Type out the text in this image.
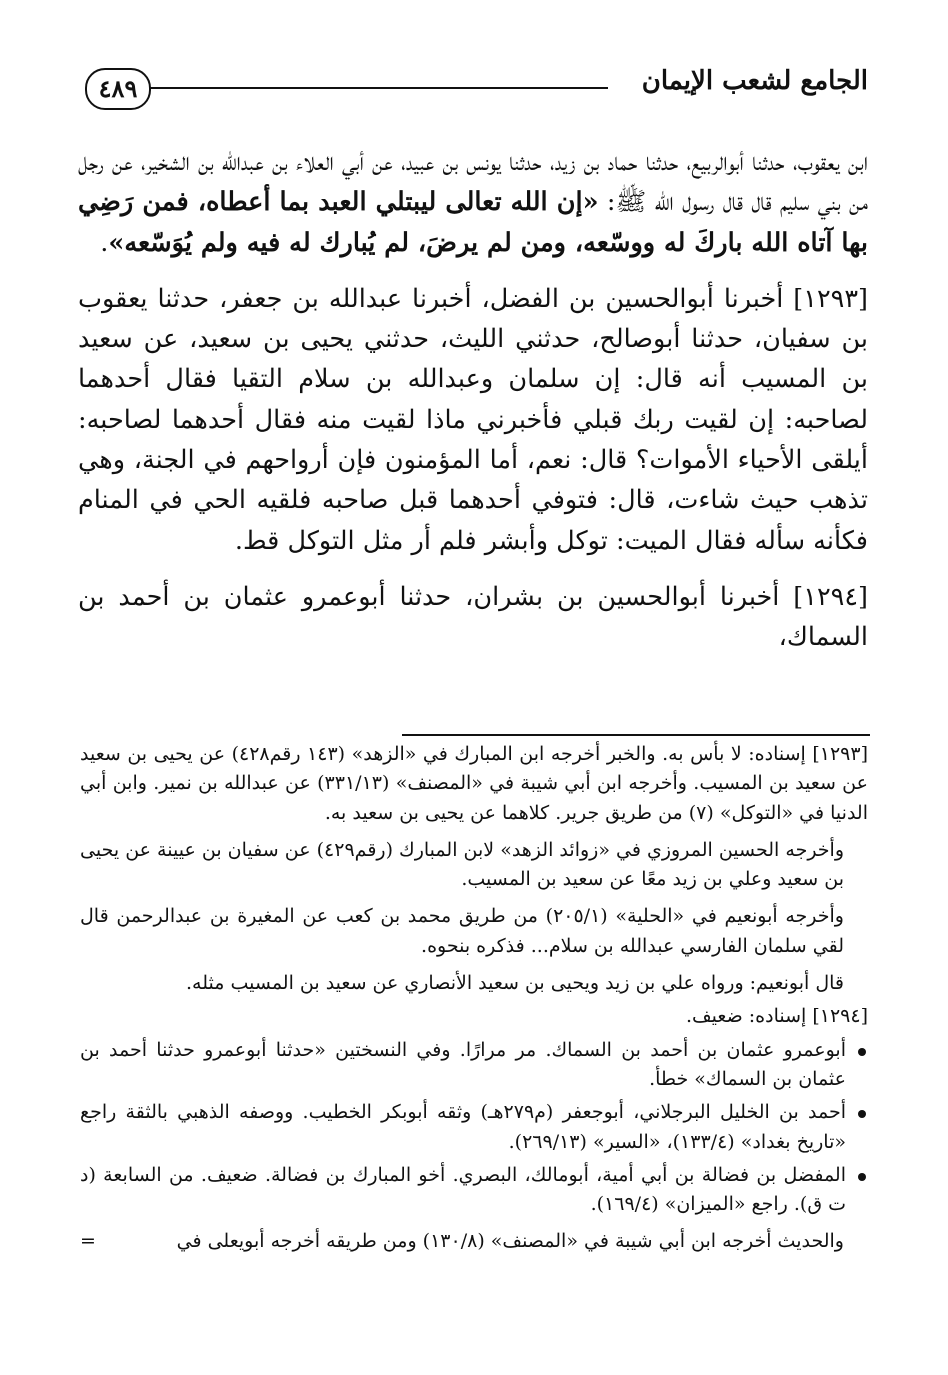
٤٨٩	الجامع لشعب الإيمان

ابن يعقوب، حدثنا أبوالربيع، حدثنا حماد بن زيد، حدثنا يونس بن عبيد، عن أبي العلاء بن عبدالله بن الشخير، عن رجل من بني سليم قال قال رسول الله ﷺ: «إن الله تعالى ليبتلي العبد بما أعطاه، فمن رَضِي بها آتاه الله باركَ له ووسّعه، ومن لم يرضَ، لم يُبارك له فيه ولم يُوَسّعه».

[١٢٩٣] أخبرنا أبوالحسين بن الفضل، أخبرنا عبدالله بن جعفر، حدثنا يعقوب بن سفيان، حدثنا أبوصالح، حدثني الليث، حدثني يحيى بن سعيد، عن سعيد بن المسيب أنه قال: إن سلمان وعبدالله بن سلام التقيا فقال أحدهما لصاحبه: إن لقيت ربك قبلي فأخبرني ماذا لقيت منه فقال أحدهما لصاحبه: أيلقى الأحياء الأموات؟ قال: نعم، أما المؤمنون فإن أرواحهم في الجنة، وهي تذهب حيث شاءت، قال: فتوفي أحدهما قبل صاحبه فلقيه الحي في المنام فكأنه سأله فقال الميت: توكل وأبشر فلم أر مثل التوكل قط.

[١٢٩٤] أخبرنا أبوالحسين بن بشران، حدثنا أبوعمرو عثمان بن أحمد بن السماك،

[١٢٩٣] إسناده: لا بأس به. والخبر أخرجه ابن المبارك في «الزهد» (١٤٣ رقم٤٢٨) عن يحيى بن سعيد عن سعيد بن المسيب. وأخرجه ابن أبي شيبة في «المصنف» (٣٣١/١٣) عن عبدالله بن نمير. وابن أبي الدنيا في «التوكل» (٧) من طريق جرير. كلاهما عن يحيى بن سعيد به.

وأخرجه الحسين المروزي في «زوائد الزهد» لابن المبارك (رقم٤٢٩) عن سفيان بن عيينة عن يحيى بن سعيد وعلي بن زيد معًا عن سعيد بن المسيب.

وأخرجه أبونعيم في «الحلية» (٢٠٥/١) من طريق محمد بن كعب عن المغيرة بن عبدالرحمن قال لقي سلمان الفارسي عبدالله بن سلام... فذكره بنحوه.

قال أبونعيم: ورواه علي بن زيد ويحيى بن سعيد الأنصاري عن سعيد بن المسيب مثله.

[١٢٩٤] إسناده: ضعيف.

أبوعمرو عثمان بن أحمد بن السماك. مر مرارًا. وفي النسختين «حدثنا أبوعمرو حدثنا أحمد بن عثمان بن السماك» خطأ.

أحمد بن الخليل البرجلاني، أبوجعفر (م٢٧٩هـ) وثقه أبوبكر الخطيب. ووصفه الذهبي بالثقة راجع «تاريخ بغداد» (١٣٣/٤)، «السير» (٢٦٩/١٣).

المفضل بن فضالة بن أبي أمية، أبومالك، البصري. أخو المبارك بن فضالة. ضعيف. من السابعة (د ت ق). راجع «الميزان» (١٦٩/٤).

والحديث أخرجه ابن أبي شيبة في «المصنف» (١٣٠/٨) ومن طريقه أخرجه أبويعلى في
=
